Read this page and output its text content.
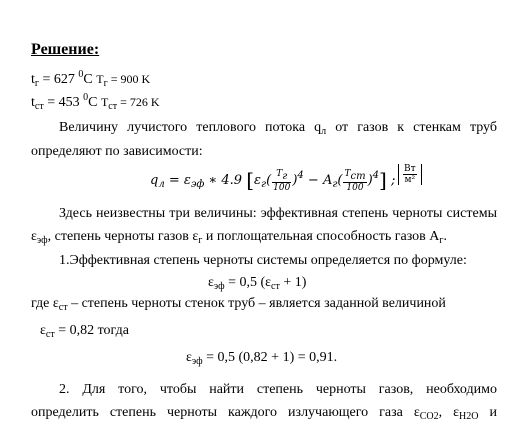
Решение:
$t_г = 627$ $^0$C $T_г = 900$ K
$t_{ст} = 453$ $^0$C $T_{ст} = 726$ K
Величину лучистого теплового потока $q_л$ от газов к стенкам труб
определяют по зависимости:
$q_л = \varepsilon_{эф}$ ∗ 4.9 $[\varepsilon_г( \frac{Tг}{100} )^4 - A_г( \frac{\text{Tст}}{100} )^4]$ ; $\frac{Вт}{\text{м²}}$
Здесь неизвестны три величины: эффективная степень черноты системы
$\varepsilon_{эф}$, степень черноты газов $\varepsilon_г$ и поглощательная способность газов $A_г$.
1.Эффективная степень черноты системы определяется по формуле:
$\varepsilon_{эф} = 0,5$ $(\varepsilon_{ст} + 1)$
где $\varepsilon_{ст}$ – степень черноты стенок труб – является заданной величиной
$\varepsilon_{ст} = 0,82$ тогда
$\varepsilon_{эф} = 0,5$ (0,82 + 1) = 0,91.
2. Для того, чтобы найти степень черноты газов, необходимо
определить степень черноты каждого излучающего газа $\varepsilon_{CO2}$, $\varepsilon_{H2O}$ и
